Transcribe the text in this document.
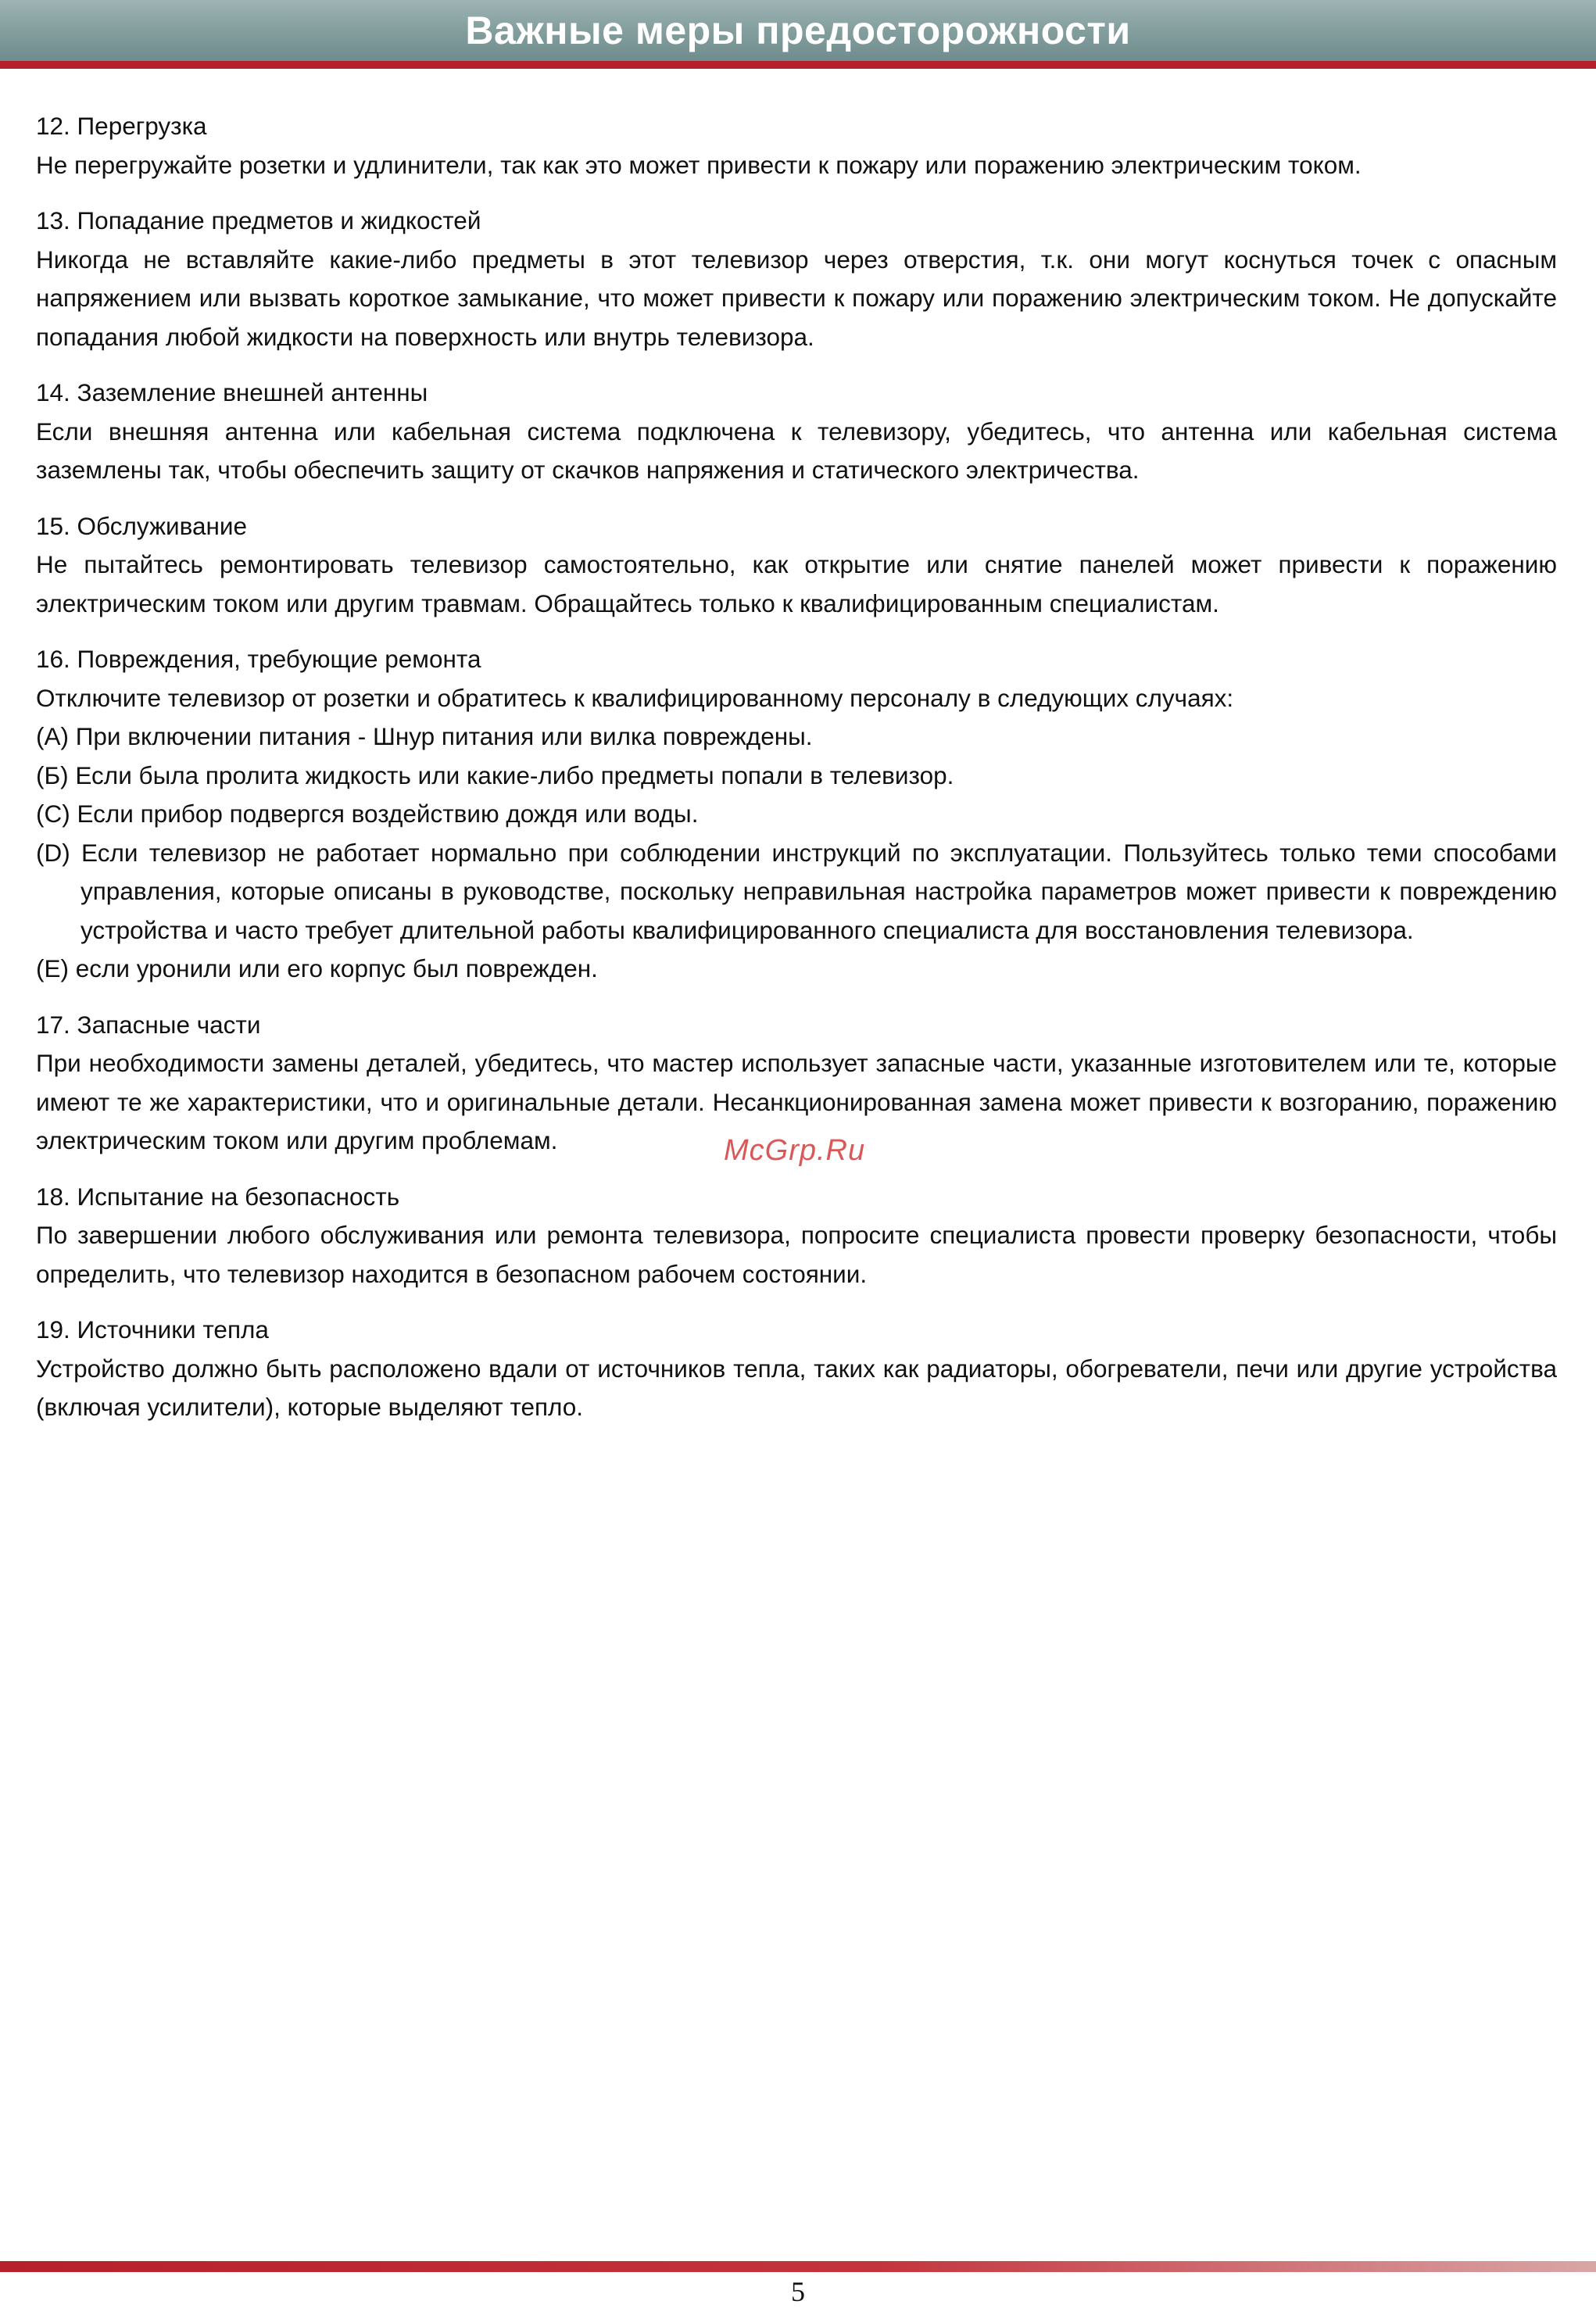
Важные меры предосторожности

12. Перегрузка

Не перегружайте розетки и удлинители, так как это может привести к пожару или поражению электрическим током.

13. Попадание предметов и жидкостей

Никогда не вставляйте какие-либо предметы в этот телевизор через отверстия, т.к. они могут коснуться точек с опасным напряжением или вызвать короткое замыкание, что может привести к пожару или поражению электрическим током. Не допускайте попадания любой жидкости на поверхность или внутрь телевизора.

14. Заземление внешней антенны

Если внешняя антенна или кабельная система подключена к телевизору, убедитесь, что антенна или кабельная система заземлены так, чтобы обеспечить защиту от скачков напряжения и статического электричества.

15. Обслуживание

Не пытайтесь ремонтировать телевизор самостоятельно, как открытие или снятие панелей может привести к поражению электрическим током или другим травмам. Обращайтесь только к квалифицированным специалистам.

16. Повреждения, требующие ремонта

Отключите телевизор от розетки и обратитесь к квалифицированному персоналу в следующих случаях:

(А) При включении питания - Шнур питания или вилка повреждены.

(Б) Если была пролита жидкость или какие-либо предметы попали в телевизор.

(С) Если прибор подвергся воздействию дождя или воды.

(D) Если телевизор не работает нормально при соблюдении инструкций по эксплуатации. Пользуйтесь только теми способами управления, которые описаны в руководстве, поскольку неправильная настройка параметров может привести к повреждению устройства и часто требует длительной работы квалифицированного специалиста для восстановления телевизора.

(E) если уронили или его корпус был поврежден.

17. Запасные части

При необходимости замены деталей, убедитесь, что мастер использует запасные части, указанные изготовителем или те, которые имеют те же характеристики, что и оригинальные детали. Несанкционированная замена может привести к возгоранию, поражению электрическим током или другим проблемам.

18. Испытание на безопасность

По завершении любого обслуживания или ремонта телевизора, попросите специалиста провести проверку безопасности, чтобы определить, что телевизор находится в безопасном рабочем состоянии.

19. Источники тепла

Устройство должно быть расположено вдали от источников тепла, таких как радиаторы, обогреватели, печи или другие устройства (включая усилители), которые выделяют тепло.

McGrp.Ru
5
